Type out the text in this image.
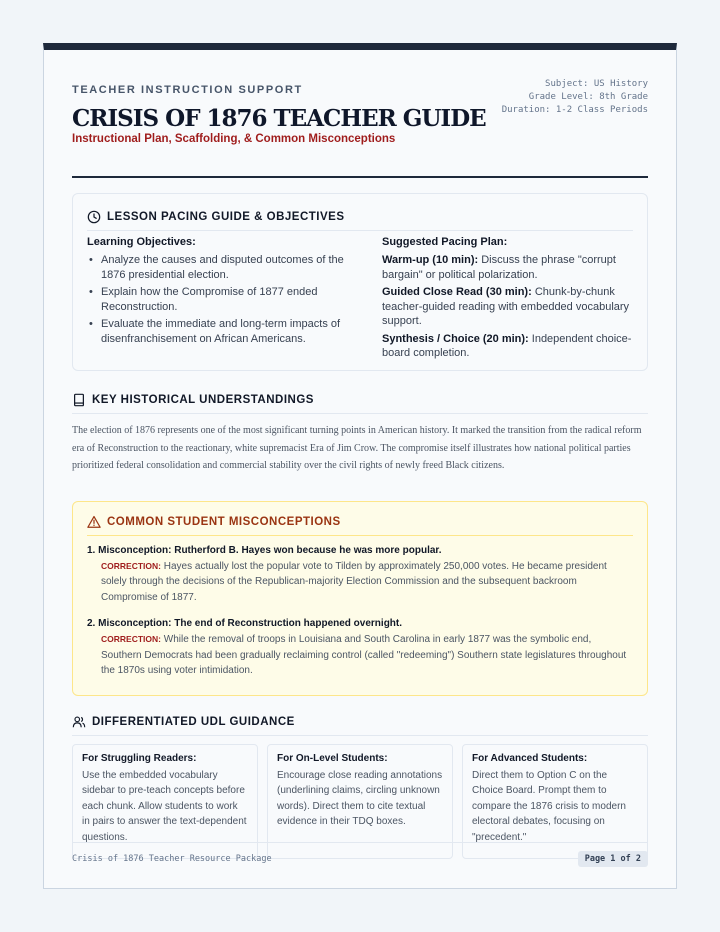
TEACHER INSTRUCTION SUPPORT
CRISIS OF 1876 TEACHER GUIDE
Instructional Plan, Scaffolding, & Common Misconceptions
Subject: US History
Grade Level: 8th Grade
Duration: 1-2 Class Periods
LESSON PACING GUIDE & OBJECTIVES
Learning Objectives:
• Analyze the causes and disputed outcomes of the 1876 presidential election.
• Explain how the Compromise of 1877 ended Reconstruction.
• Evaluate the immediate and long-term impacts of disenfranchisement on African Americans.
Suggested Pacing Plan:
Warm-up (10 min): Discuss the phrase "corrupt bargain" or political polarization.
Guided Close Read (30 min): Chunk-by-chunk teacher-guided reading with embedded vocabulary support.
Synthesis / Choice (20 min): Independent choice-board completion.
KEY HISTORICAL UNDERSTANDINGS

The election of 1876 represents one of the most significant turning points in American history. It marked the transition from the radical reform era of Reconstruction to the reactionary, white supremacist Era of Jim Crow. The compromise itself illustrates how national political parties prioritized federal consolidation and commercial stability over the civil rights of newly freed Black citizens.

COMMON STUDENT MISCONCEPTIONS
1. Misconception: Rutherford B. Hayes won because he was more popular.
CORRECTION: Hayes actually lost the popular vote to Tilden by approximately 250,000 votes. He became president solely through the decisions of the Republican-majority Election Commission and the subsequent backroom Compromise of 1877.
2. Misconception: The end of Reconstruction happened overnight.
CORRECTION: While the removal of troops in Louisiana and South Carolina in early 1877 was the symbolic end, Southern Democrats had been gradually reclaiming control (called "redeeming") Southern state legislatures throughout the 1870s using voter intimidation.
DIFFERENTIATED UDL GUIDANCE
For Struggling Readers:
Use the embedded vocabulary sidebar to pre-teach concepts before each chunk. Allow students to work in pairs to answer the text-dependent questions.
For On-Level Students:
Encourage close reading annotations (underlining claims, circling unknown words). Direct them to cite textual evidence in their TDQ boxes.
For Advanced Students:
Direct them to Option C on the Choice Board. Prompt them to compare the 1876 crisis to modern electoral debates, focusing on "precedent."
Crisis of 1876 Teacher Resource Package	Page 1 of 2
